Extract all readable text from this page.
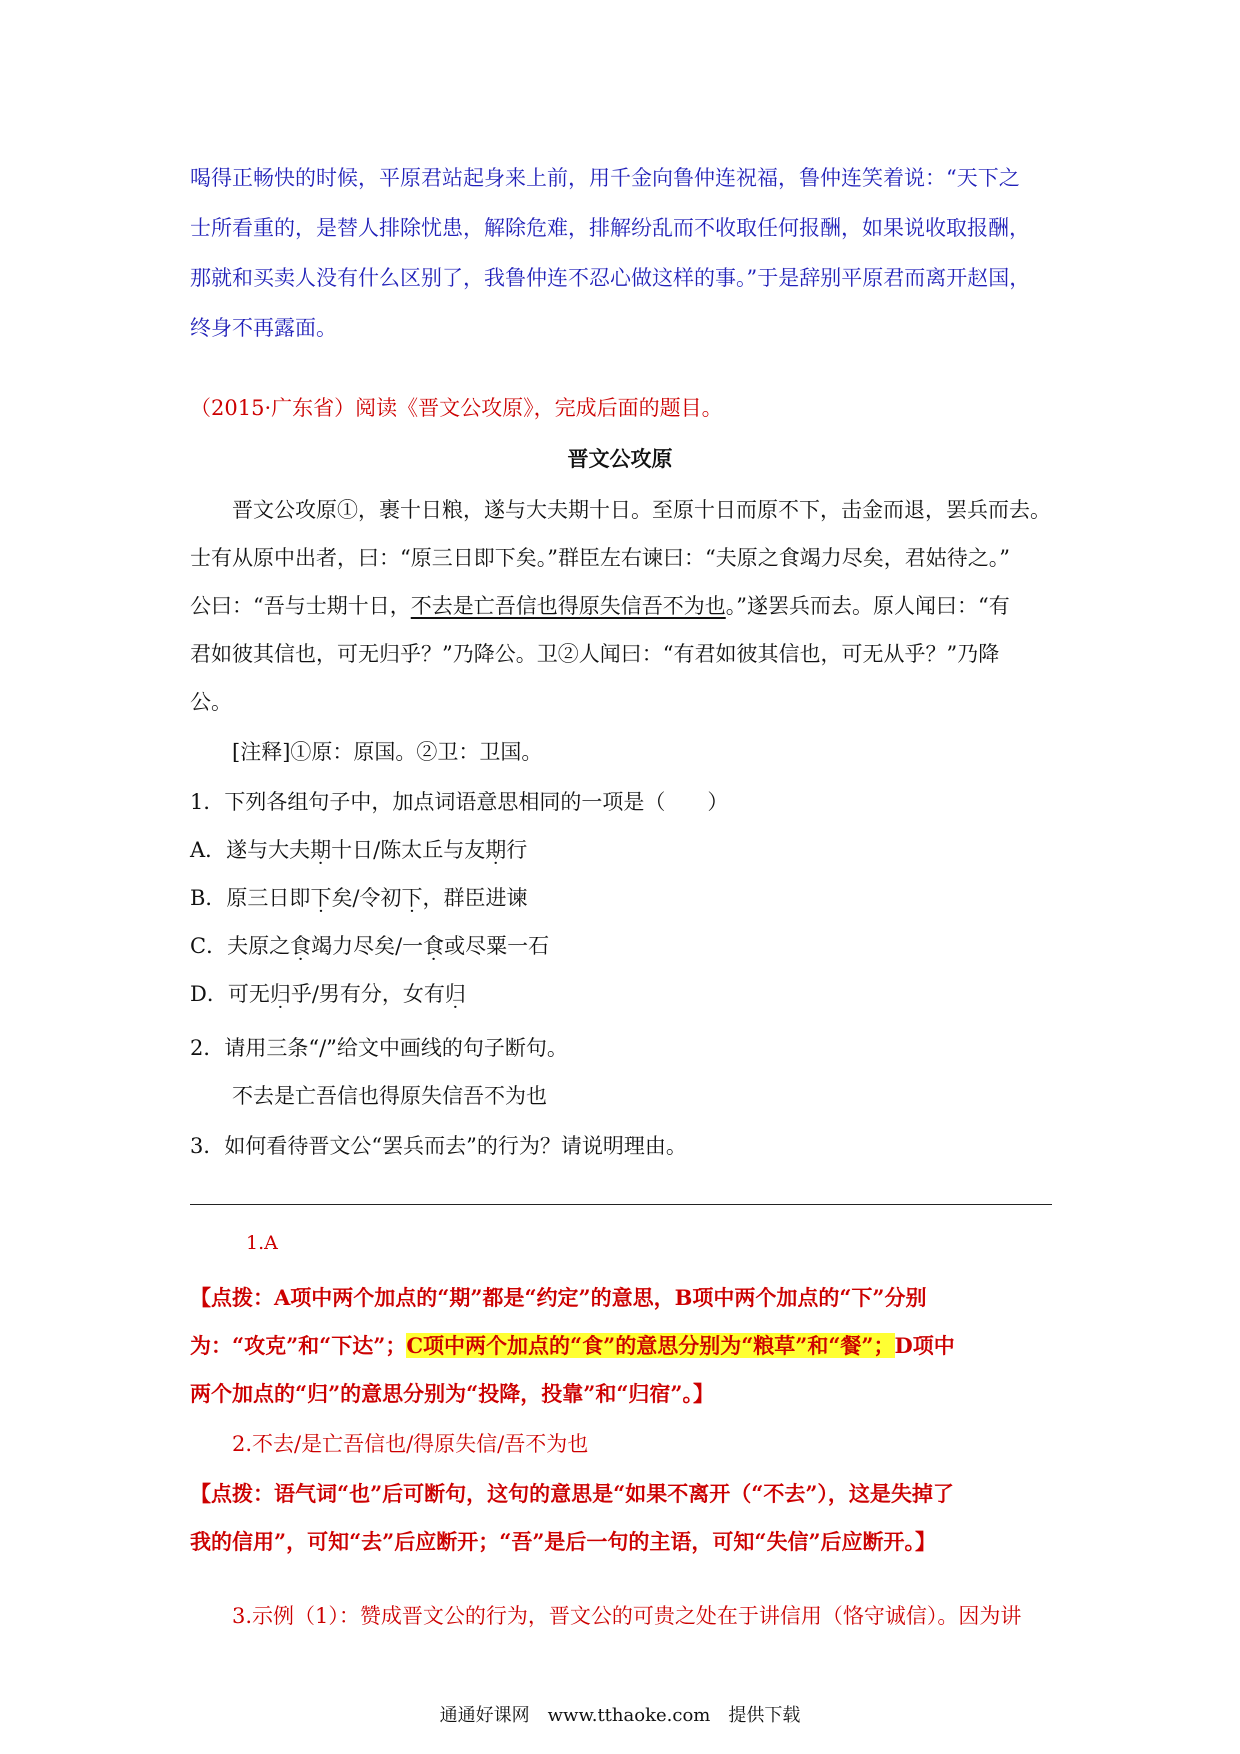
喝得正畅快的时候，平原君站起身来上前，用千金向鲁仲连祝福，鲁仲连笑着说：“天下之
士所看重的，是替人排除忧患，解除危难，排解纷乱而不收取任何报酬，如果说收取报酬，
那就和买卖人没有什么区别了，我鲁仲连不忍心做这样的事。”于是辞别平原君而离开赵国，
终身不再露面。
（2015·广东省）阅读《晋文公攻原》，完成后面的题目。
晋文公攻原
晋文公攻原①，裹十日粮，遂与大夫期十日。至原十日而原不下，击金而退，罢兵而去。
士有从原中出者，曰：“原三日即下矣。”群臣左右谏曰：“夫原之食竭力尽矣，君姑待之。”
公曰：“吾与士期十日，不去是亡吾信也得原失信吾不为也。”遂罢兵而去。原人闻曰：“有
君如彼其信也，可无归乎？”乃降公。卫②人闻曰：“有君如彼其信也，可无从乎？”乃降
公。
[注释]①原：原国。②卫：卫国。
1．下列各组句子中，加点词语意思相同的一项是（　　）
A．遂与大夫期十日/陈太丘与友期行
B．原三日即下矣/令初下，群臣进谏
C．夫原之食竭力尽矣/一食或尽粟一石
D．可无归乎/男有分，女有归
2．请用三条“/”给文中画线的句子断句。
不去是亡吾信也得原失信吾不为也
3．如何看待晋文公“罢兵而去”的行为？请说明理由。
1.A
【点拨：A项中两个加点的“期”都是“约定”的意思，B项中两个加点的“下”分别
为：“攻克”和“下达”；C项中两个加点的“食”的意思分别为“粮草”和“餐”；D项中
两个加点的“归”的意思分别为“投降，投靠”和“归宿”。】
2.不去/是亡吾信也/得原失信/吾不为也
【点拨：语气词“也”后可断句，这句的意思是“如果不离开（“不去”），这是失掉了
我的信用”，可知“去”后应断开；“吾”是后一句的主语，可知“失信”后应断开。】
3.示例（1）：赞成晋文公的行为，晋文公的可贵之处在于讲信用（恪守诚信）。因为讲
通通好课网　www.tthaoke.com　提供下载
